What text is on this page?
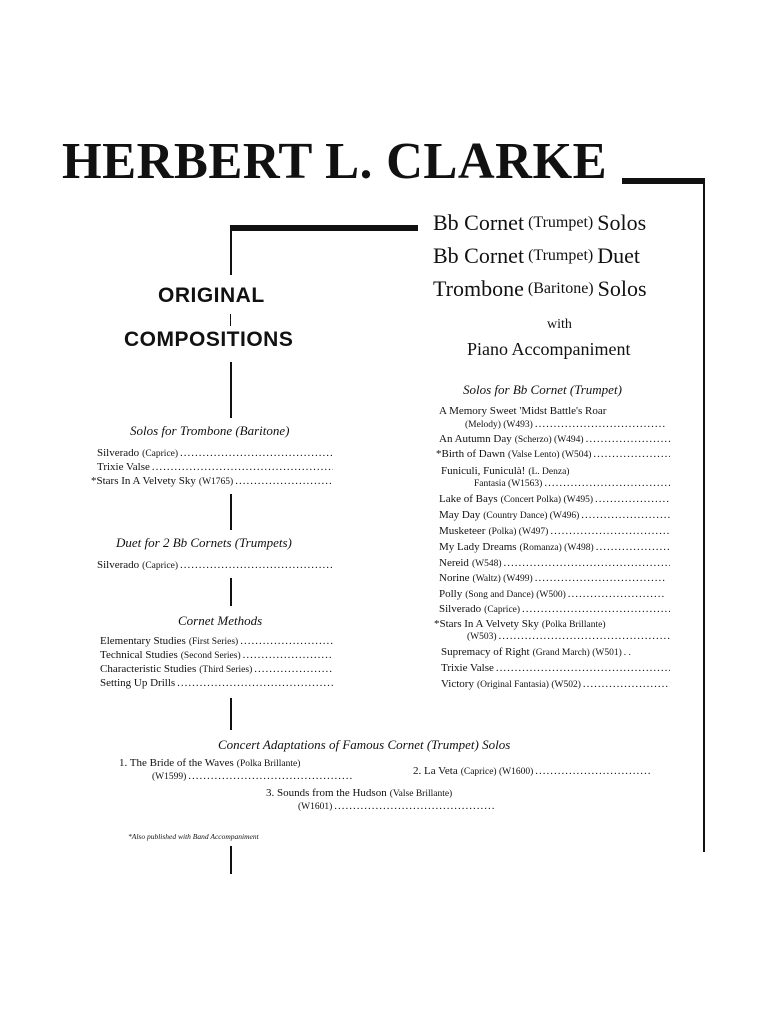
HERBERT L. CLARKE
Bb Cornet
(Trumpet)
Solos
Bb Cornet
(Trumpet)
Duet
Trombone
(Baritone)
Solos
with
Piano Accompaniment
ORIGINAL
COMPOSITIONS
Solos for Trombone (Baritone)
Silverado (Caprice)
.....
Trixie Valse
.....
*Stars In A Velvety Sky (W1765)
.....
Duet for 2 Bb Cornets (Trumpets)
Silverado (Caprice)
.....
Cornet Methods
Elementary Studies (First Series)
.....
Technical Studies (Second Series)
.....
Characteristic Studies (Third Series)
.....
Setting Up Drills
.....
Solos for Bb Cornet (Trumpet)
A Memory Sweet 'Midst Battle's Roar
(Melody) (W493)
.....
An Autumn Day (Scherzo) (W494)
.....
*Birth of Dawn (Valse Lento) (W504)
.....
Funiculi, Funiculà! (L. Denza)
Fantasia (W1563)
.....
Lake of Bays (Concert Polka) (W495)
.....
May Day (Country Dance) (W496)
.....
Musketeer (Polka) (W497)
.....
My Lady Dreams (Romanza) (W498)
.....
Nereid (W548)
.....
Norine (Waltz) (W499)
.....
Polly (Song and Dance) (W500)
.....
Silverado (Caprice)
.....
*Stars In A Velvety Sky (Polka Brillante)
(W503)
.....
Supremacy of Right (Grand March) (W501) . .
Trixie Valse
.....
Victory (Original Fantasia) (W502)
.....
Concert Adaptations of Famous Cornet (Trumpet) Solos
1. The Bride of the Waves (Polka Brillante)
(W1599)
.....	2. La Veta (Caprice) (W1600)
.....
3. Sounds from the Hudson (Valse Brillante)
(W1601)
.....
*Also published with Band Accompaniment
